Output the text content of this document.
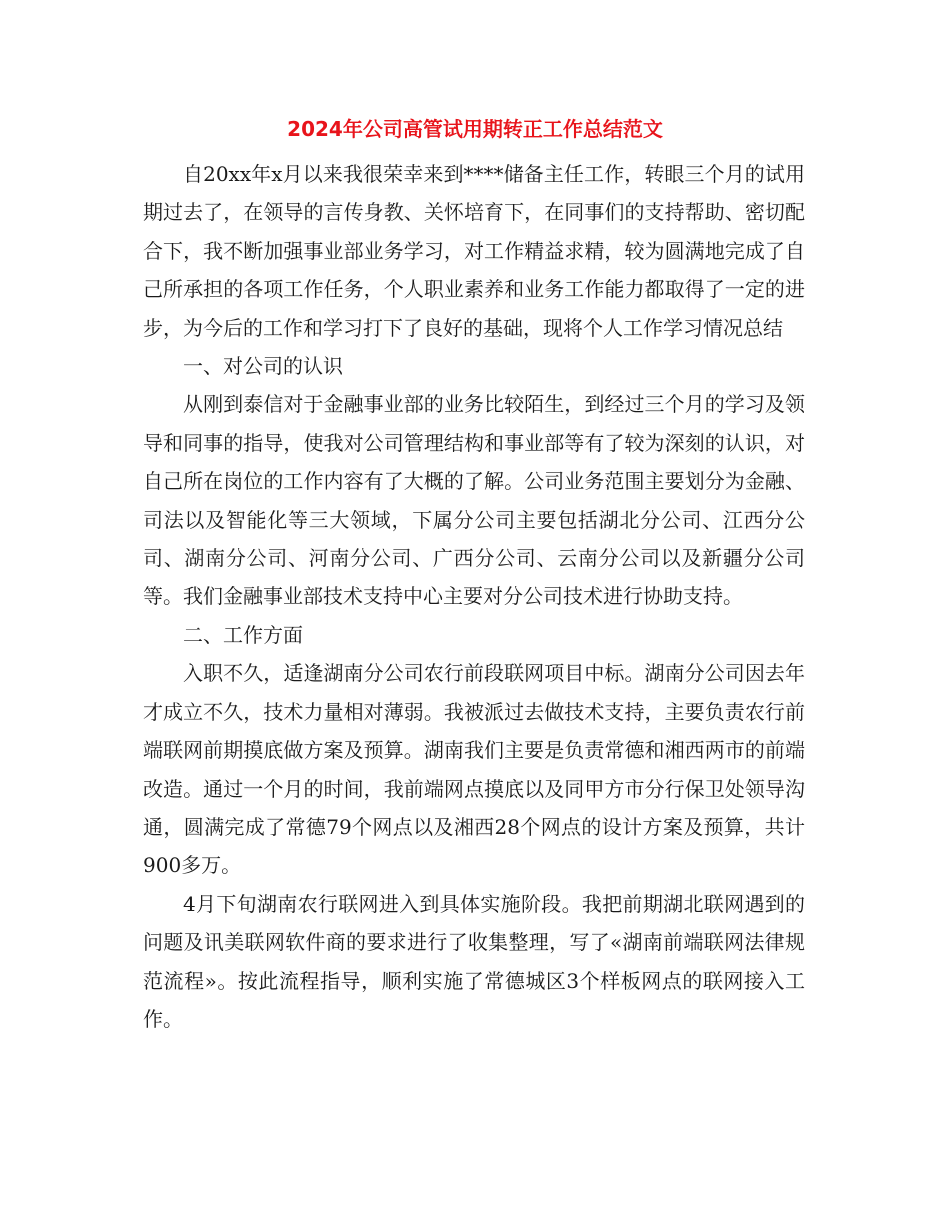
2024年公司高管试用期转正工作总结范文

自20xx年x月以来我很荣幸来到****储备主任工作，转眼三个月的试用期过去了，在领导的言传身教、关怀培育下，在同事们的支持帮助、密切配合下，我不断加强事业部业务学习，对工作精益求精，较为圆满地完成了自己所承担的各项工作任务，个人职业素养和业务工作能力都取得了一定的进步，为今后的工作和学习打下了良好的基础，现将个人工作学习情况总结

一、对公司的认识

从刚到泰信对于金融事业部的业务比较陌生，到经过三个月的学习及领导和同事的指导，使我对公司管理结构和事业部等有了较为深刻的认识，对自己所在岗位的工作内容有了大概的了解。公司业务范围主要划分为金融、司法以及智能化等三大领域，下属分公司主要包括湖北分公司、江西分公司、湖南分公司、河南分公司、广西分公司、云南分公司以及新疆分公司等。我们金融事业部技术支持中心主要对分公司技术进行协助支持。

二、工作方面

入职不久，适逢湖南分公司农行前段联网项目中标。湖南分公司因去年才成立不久，技术力量相对薄弱。我被派过去做技术支持，主要负责农行前端联网前期摸底做方案及预算。湖南我们主要是负责常德和湘西两市的前端改造。通过一个月的时间，我前端网点摸底以及同甲方市分行保卫处领导沟通，圆满完成了常德79个网点以及湘西28个网点的设计方案及预算，共计900多万。

4月下旬湖南农行联网进入到具体实施阶段。我把前期湖北联网遇到的问题及讯美联网软件商的要求进行了收集整理，写了«湖南前端联网法律规范流程»。按此流程指导，顺利实施了常德城区3个样板网点的联网接入工作。
